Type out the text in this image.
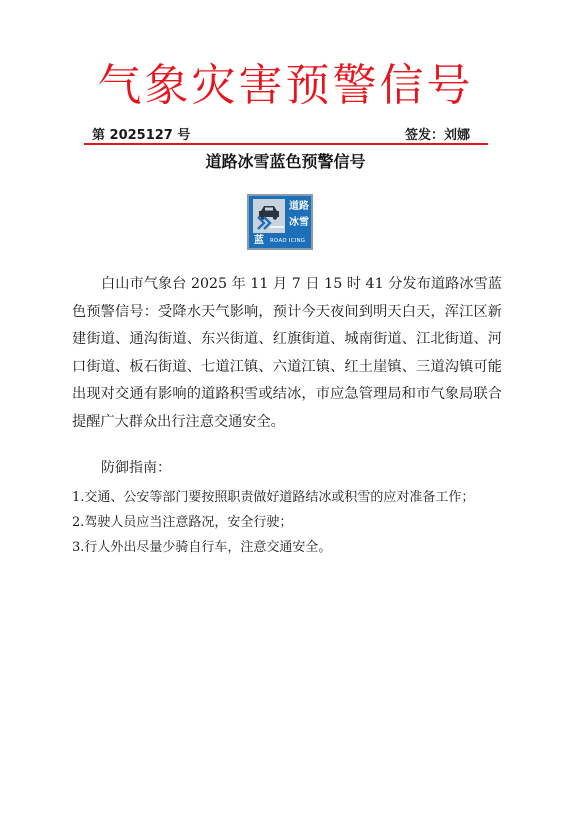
气象灾害预警信号
第 2025127 号	签发：刘娜
道路冰雪蓝色预警信号
道路
冰雪
蓝	ROAD ICING

白山市气象台 2025 年 11 月 7 日 15 时 41 分发布道路冰雪蓝色预警信号：受降水天气影响，预计今天夜间到明天白天，浑江区新建街道、通沟街道、东兴街道、红旗街道、城南街道、江北街道、河口街道、板石街道、七道江镇、六道江镇、红土崖镇、三道沟镇可能出现对交通有影响的道路积雪或结冰，市应急管理局和市气象局联合提醒广大群众出行注意交通安全。

防御指南：
1.交通、公安等部门要按照职责做好道路结冰或积雪的应对准备工作；
2.驾驶人员应当注意路况，安全行驶；
3.行人外出尽量少骑自行车，注意交通安全。
